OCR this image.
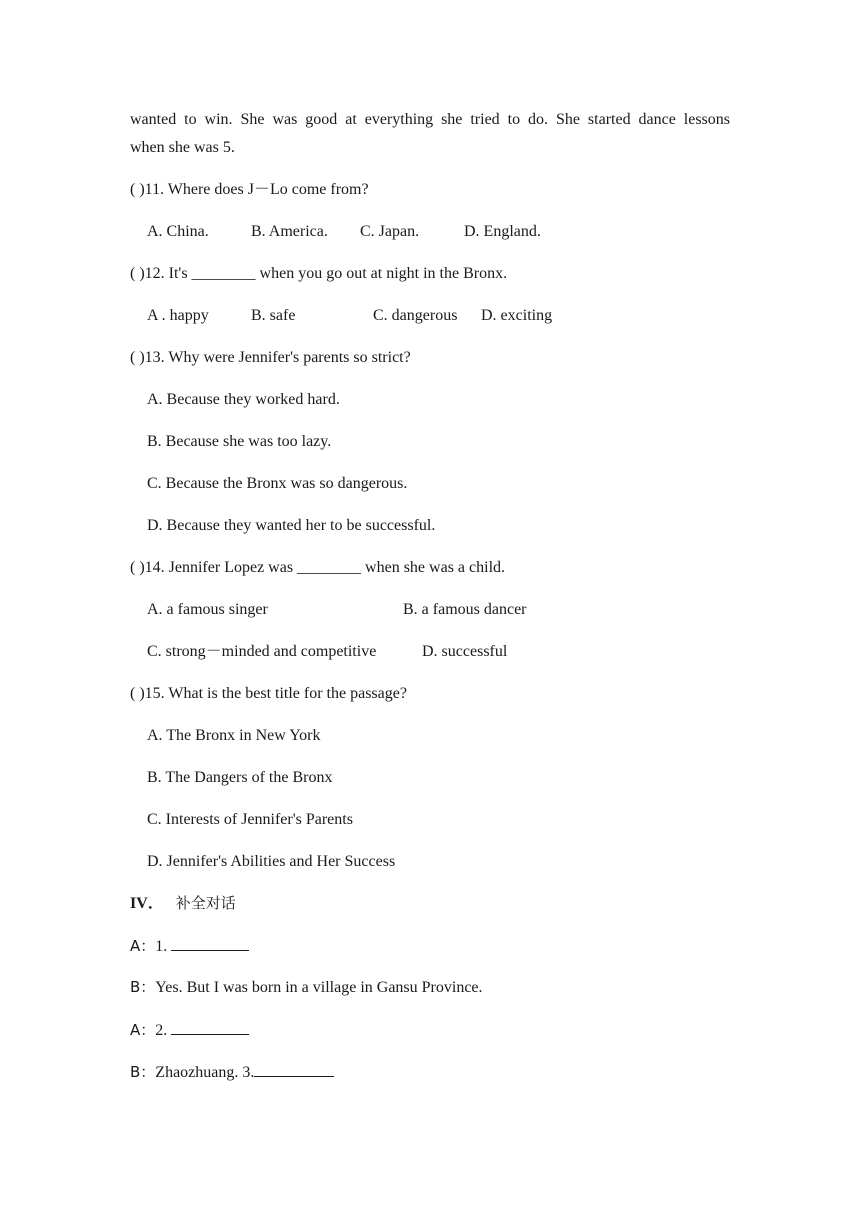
wanted to win. She was good at everything she tried to do. She started dance lessons
when she was 5.
( )11. Where does J－Lo come from?
A. China.	B. America. C. Japan.	D. England.
( )12. It's ________ when you go out at night in the Bronx.
A . happy	B. safe	C. dangerous D. exciting
( )13. Why were Jennifer's parents so strict?
A. Because they worked hard.
B. Because she was too lazy.
C. Because the Bronx was so dangerous.
D. Because they wanted her to be successful.
( )14. Jennifer Lopez was ________ when she was a child.
A. a famous singer	B. a famous dancer
C. strong－minded and competitive	D. successful
( )15. What is the best title for the passage?
A. The Bronx in New York
B. The Dangers of the Bronx
C. Interests of Jennifer's Parents
D. Jennifer's Abilities and Her Success
IV． 补全对话
A：1.
B：Yes. But I was born in a village in Gansu Province.
A：2.
B：Zhaozhuang. 3.
